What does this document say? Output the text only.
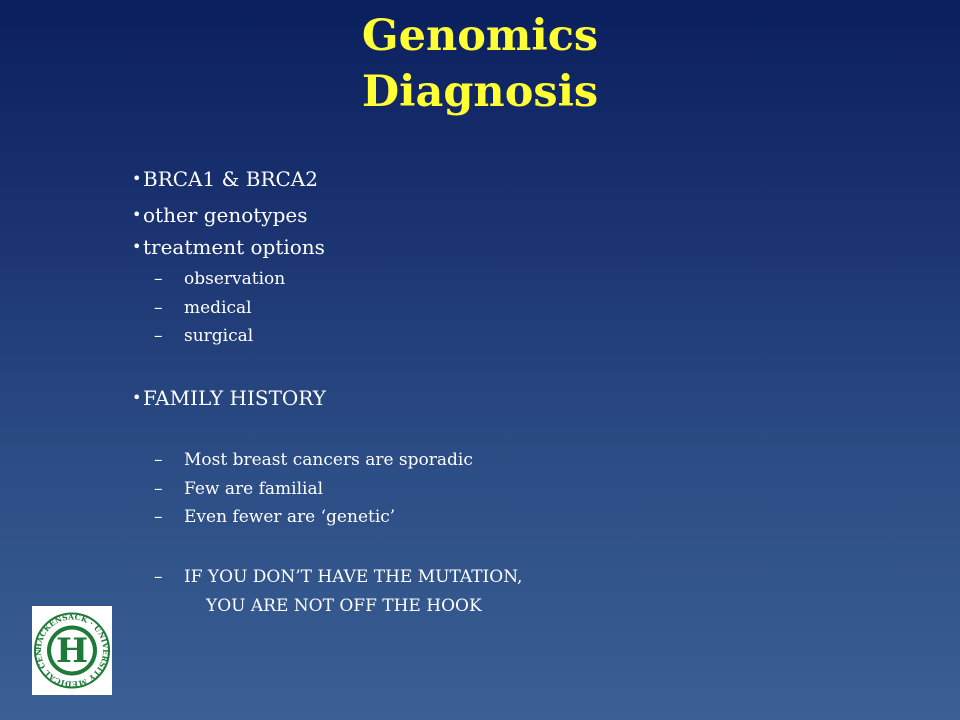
Genomics
Diagnosis
• BRCA1 & BRCA2
• other genotypes
• treatment options
– observation
– medical
– surgical
• FAMILY HISTORY
– Most breast cancers are sporadic
– Few are familial
– Even fewer are ‘genetic’
– IF YOU DON’T HAVE THE MUTATION,
YOU ARE NOT OFF THE HOOK
HACKENSACK · UNIVERSITY MEDICAL CEN H
